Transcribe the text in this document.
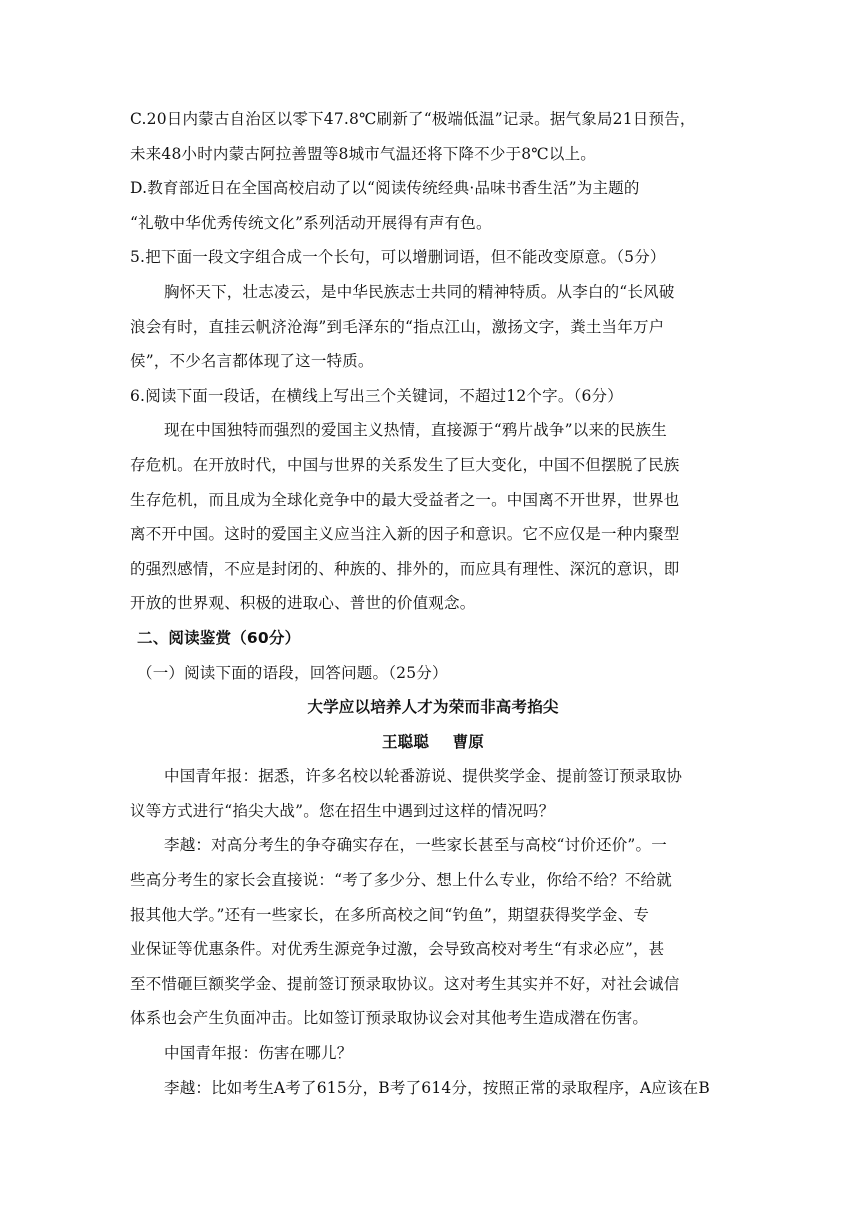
C.20日内蒙古自治区以零下47.8℃刷新了“极端低温”记录。据气象局21日预告，
未来48小时内蒙古阿拉善盟等8城市气温还将下降不少于8℃以上。
D.教育部近日在全国高校启动了以“阅读传统经典·品味书香生活”为主题的
“礼敬中华优秀传统文化”系列活动开展得有声有色。
5.把下面一段文字组合成一个长句，可以增删词语，但不能改变原意。（5分）
胸怀天下，壮志凌云，是中华民族志士共同的精神特质。从李白的“长风破
浪会有时，直挂云帆济沧海”到毛泽东的“指点江山，激扬文字，粪土当年万户
侯”，不少名言都体现了这一特质。
6.阅读下面一段话，在横线上写出三个关键词，不超过12个字。（6分）
现在中国独特而强烈的爱国主义热情，直接源于“鸦片战争”以来的民族生
存危机。在开放时代，中国与世界的关系发生了巨大变化，中国不但摆脱了民族
生存危机，而且成为全球化竞争中的最大受益者之一。中国离不开世界，世界也
离不开中国。这时的爱国主义应当注入新的因子和意识。它不应仅是一种内聚型
的强烈感情，不应是封闭的、种族的、排外的，而应具有理性、深沉的意识，即
开放的世界观、积极的进取心、普世的价值观念。
二、阅读鉴赏（60分）
（一）阅读下面的语段，回答问题。（25分）
大学应以培养人才为荣而非高考掐尖
王聪聪 曹原
中国青年报：据悉，许多名校以轮番游说、提供奖学金、提前签订预录取协
议等方式进行“掐尖大战”。您在招生中遇到过这样的情况吗？
李越：对高分考生的争夺确实存在，一些家长甚至与高校“讨价还价”。一
些高分考生的家长会直接说：“考了多少分、想上什么专业，你给不给？不给就
报其他大学。”还有一些家长，在多所高校之间“钓鱼”，期望获得奖学金、专
业保证等优惠条件。对优秀生源竞争过激，会导致高校对考生“有求必应”，甚
至不惜砸巨额奖学金、提前签订预录取协议。这对考生其实并不好，对社会诚信
体系也会产生负面冲击。比如签订预录取协议会对其他考生造成潜在伤害。
中国青年报：伤害在哪儿？
李越：比如考生A考了615分，B考了614分，按照正常的录取程序，A应该在B
